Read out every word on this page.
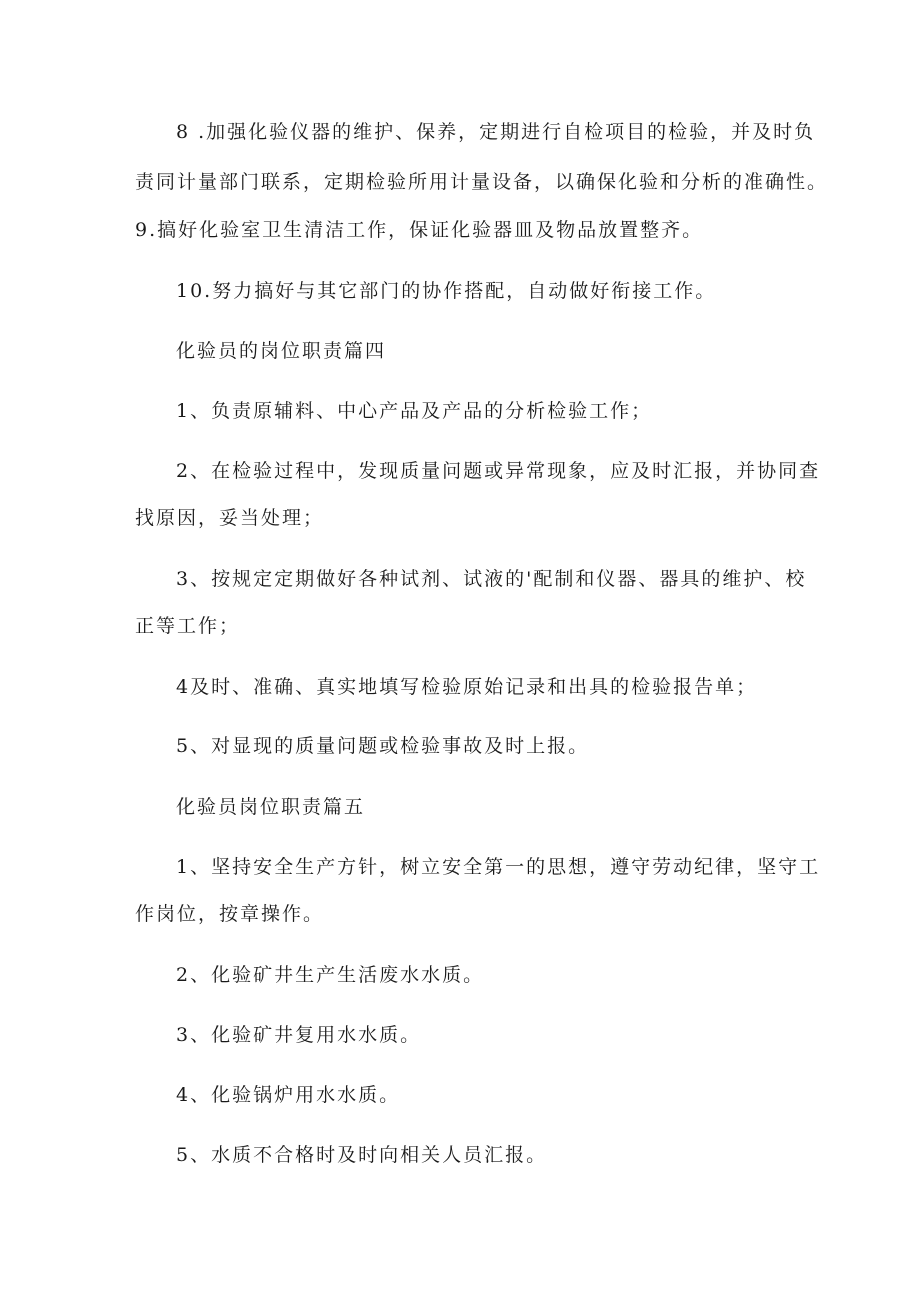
8 .加强化验仪器的维护、保养，定期进行自检项目的检验，并及时负

责同计量部门联系，定期检验所用计量设备，以确保化验和分析的准确性。

9.搞好化验室卫生清洁工作，保证化验器皿及物品放置整齐。

10.努力搞好与其它部门的协作搭配，自动做好衔接工作。

化验员的岗位职责篇四

1、负责原辅料、中心产品及产品的分析检验工作；

2、在检验过程中，发现质量问题或异常现象，应及时汇报，并协同查

找原因，妥当处理；

3、按规定定期做好各种试剂、试液的'配制和仪器、器具的维护、校

正等工作；

4及时、准确、真实地填写检验原始记录和出具的检验报告单；

5、对显现的质量问题或检验事故及时上报。

化验员岗位职责篇五

1、坚持安全生产方针，树立安全第一的思想，遵守劳动纪律，坚守工

作岗位，按章操作。

2、化验矿井生产生活废水水质。

3、化验矿井复用水水质。

4、化验锅炉用水水质。

5、水质不合格时及时向相关人员汇报。
